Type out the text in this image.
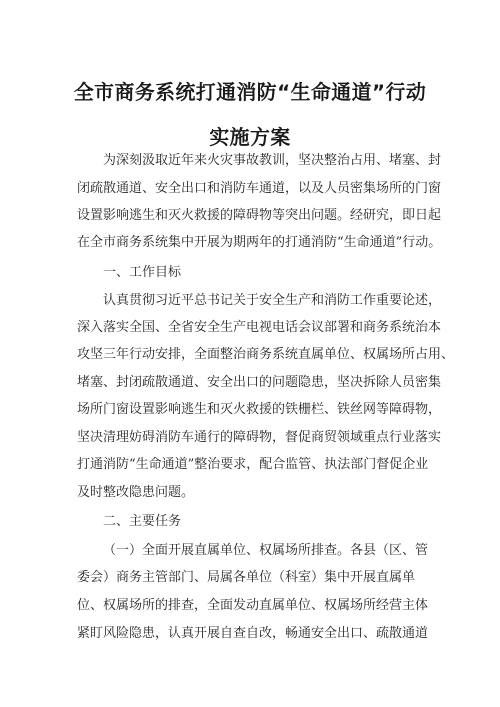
全市商务系统打通消防“生命通道”行动
实施方案
为深刻汲取近年来火灾事故教训，坚决整治占用、堵塞、封
闭疏散通道、安全出口和消防车通道，以及人员密集场所的门窗
设置影响逃生和灭火救援的障碍物等突出问题。经研究，即日起
在全市商务系统集中开展为期两年的打通消防“生命通道”行动。
一、工作目标
认真贯彻习近平总书记关于安全生产和消防工作重要论述，
深入落实全国、全省安全生产电视电话会议部署和商务系统治本
攻坚三年行动安排，全面整治商务系统直属单位、权属场所占用、
堵塞、封闭疏散通道、安全出口的问题隐患，坚决拆除人员密集
场所门窗设置影响逃生和灭火救援的铁栅栏、铁丝网等障碍物，
坚决清理妨碍消防车通行的障碍物，督促商贸领域重点行业落实
打通消防“生命通道”整治要求，配合监管、执法部门督促企业
及时整改隐患问题。
二、主要任务
（一）全面开展直属单位、权属场所排查。各县（区、管
委会）商务主管部门、局属各单位（科室）集中开展直属单
位、权属场所的排查，全面发动直属单位、权属场所经营主体
紧盯风险隐患，认真开展自查自改，畅通安全出口、疏散通道
